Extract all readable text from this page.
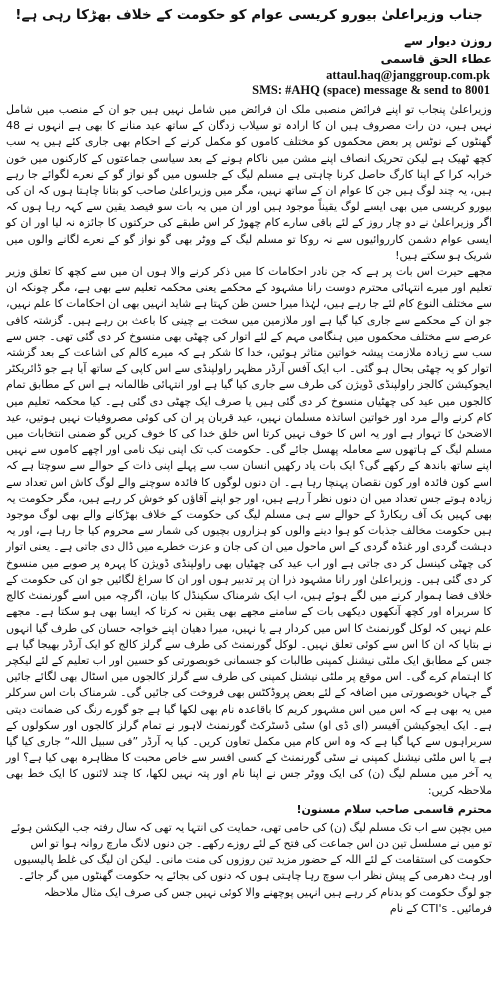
جناب وزیراعلیٰ بیورو کریسی عوام کو حکومت کے خلاف بھڑکا رہی ہے!
روزن دیوار سے
عطاء الحق قاسمی
attaul.haq@janggroup.com.pk
SMS: #AHQ (space) message & send to 8001

وزیراعلیٰ پنجاب تو اپنے فرائض منصبی ملک ان فرائض میں شامل نہیں ہیں جو ان کے منصب میں شامل نہیں ہیں، دن رات مصروف ہیں ان کا ارادہ تو سیلاب زدگان کے ساتھ عید منانے کا بھی ہے انہوں نے 48 گھنٹوں کے نوٹس پر بعض محکموں کو مختلف کاموں کو مکمل کرنے کے احکام بھی جاری کئے ہیں یہ سب کچھ ٹھیک ہے لیکن تحریک انصاف اپنے مشن میں ناکام ہونے کے بعد سیاسی جماعتوں کے کارکنوں میں خون خرابہ کرا کے اپنا کارگ حاصل کرنا چاہتی ہے مسلم لیگ کے جلسوں میں گو نواز گو کے نعرے لگوائے جا رہے ہیں، یہ چند لوگ ہیں جن کا عوام ان کے ساتھ نہیں، مگر میں وزیراعلیٰ صاحب کو بتانا چاہتا ہوں کہ ان کی بیورو کریسی میں بھی ایسے لوگ یقیناً موجود ہیں اور ان میں یہ بات سو فیصد یقین سے کہہ رہا ہوں کہ اگر وزیراعلیٰ نے دو چار روز کے لئے باقی سارے کام چھوڑ کر اس طبقے کی حرکتوں کا جائزہ نہ لیا اور ان کو ایسی عوام دشمن کارروائیوں سے نہ روکا تو مسلم لیگ کے ووٹر بھی گو نواز گو کے نعرے لگانے والوں میں شریک ہو سکتے ہیں!

مجھے حیرت اس بات پر ہے کہ جن نادر احکامات کا میں ذکر کرنے والا ہوں ان میں سے کچھ کا تعلق وزیر تعلیم اور میرے انتہائی محترم دوست رانا مشہود کے محکمے یعنی محکمہ تعلیم سے بھی ہے، مگر چونکہ ان سے مختلف النوع کام لئے جا رہے ہیں، لہٰذا میرا حسن ظن کہتا ہے شاید انہیں بھی ان احکامات کا علم نہیں، جو ان کے محکمے سے جاری کیا گیا ہے اور ملازمین میں سخت بے چینی کا باعث بن رہے ہیں۔ گزشتہ کافی عرصے سے مختلف محکموں میں ہنگامی مہم کے لئے اتوار کی چھٹی بھی منسوخ کر دی گئی تھی۔ جس سے سب سے زیادہ ملازمت پیشہ خواتین متاثر ہوئیں، خدا کا شکر ہے کہ میرے کالم کی اشاعت کے بعد گزشتہ اتوار کو یہ چھٹی بحال ہو گئی۔ اب ایک آفس آرڈر مظہر راولپنڈی سے اس کاپی کے ساتھ آیا ہے جو ڈائریکٹر ایجوکیشن کالجز راولپنڈی ڈویژن کی طرف سے جاری کیا گیا ہے اور انتہائی ظالمانہ ہے اس کے مطابق تمام کالجوں میں عید کی چھٹیاں منسوخ کر دی گئی ہیں یا صرف ایک چھٹی دی گئی ہے۔ کیا محکمہ تعلیم میں کام کرنے والے مرد اور خواتین اساتذہ مسلمان نہیں، عید قربان پر ان کی کوئی مصروفیات نہیں ہوتیں، عید الاضحیٰ کا تہوار ہے اور یہ اس کا خوف نہیں کرتا اس خلق خدا کی کا خوف کریں گو ضمنی انتخابات میں مسلم لیگ کے ہاتھوں سے معاملہ پھسل جائے گی۔ حکومت کب تک اپنی نیک نامی اور اچھے کاموں سے نہیں اپنے ساتھ باندھ کے رکھے گی؟ ایک بات یاد رکھیں انسان سب سے پہلے اپنی ذات کے حوالے سے سوچتا ہے کہ اسے کون فائدہ اور کون نقصان پہنچا رہا ہے۔ ان دنوں لوگوں کا فائدہ سوچنے والے لوگ کاش اس تعداد سے زیادہ ہوتے جس تعداد میں ان دنوں نظر آ رہے ہیں، اور جو اپنے آقاؤں کو خوش کر رہے ہیں، مگر حکومت یہ بھی کہیں بک آف ریکارڈ کے حوالے سے ہی مسلم لیگ کی حکومت کے خلاف بھڑکانے والے بھی لوگ موجود ہیں حکومت مخالف جذبات کو ہوا دینے والوں کو ہزاروں بچیوں کی شمار سے محروم کیا جا رہا ہے، اور یہ دہشت گردی اور غنڈہ گردی کے اس ماحول میں ان کی جان و عزت خطرے میں ڈال دی جاتی ہے۔ یعنی اتوار کی چھٹی کینسل کر دی جاتی ہے اور اب عید کی چھٹیاں بھی راولپنڈی ڈویژن کا پہرہ پر صوبے میں منسوخ کر دی گئی ہیں۔ وزیراعلیٰ اور رانا مشہود ذرا ان پر تدبیر ہوں اور ان کا سراغ لگائیں جو ان کی حکومت کے خلاف فضا ہموار کرنے میں لگے ہوئے ہیں، اب ایک شرمناک سکینڈل کا بیان، اگرچہ میں اسے گورنمنٹ کالج کا سربراہ اور کچھ آنکھوں دیکھی بات کے سامنے مجھے بھی یقین نہ کرتا کہ ایسا بھی ہو سکتا ہے۔ مجھے علم نہیں کہ لوکل گورنمنٹ کا اس میں کردار ہے یا نہیں، میرا دھیان اپنے خواجہ حسان کی طرف گیا انہوں نے بتایا کہ ان کا اس سے کوئی تعلق نہیں۔ لوکل گورنمنٹ کی طرف سے گرلز کالج کو ایک آرڈر بھیجا گیا ہے جس کے مطابق ایک ملٹی نیشنل کمپنی طالبات کو جسمانی خوبصورتی کو حسین اور اب تعلیم کے لئے لیکچر کا اہتمام کرے گی۔ اس موقع پر ملٹی نیشنل کمپنی کی طرف سے گرلز کالجوں میں اسٹال بھی لگائے جائیں گے جہاں خوبصورتی میں اضافہ کے لئے بعض پروڈکٹس بھی فروخت کی جائیں گی۔ شرمناک بات اس سرکلر میں یہ بھی ہے کہ اس میں اس مشہور کریم کا باقاعدہ نام بھی لکھا گیا ہے جو گورے رنگ کی ضمانت دیتی ہے۔ ایک ایجوکیشن آفیسر (ای ڈی او) سٹی ڈسٹرکٹ گورنمنٹ لاہور نے تمام گرلز کالجوں اور سکولوں کے سربراہوں سے کہا گیا ہے کہ وہ اس کام میں مکمل تعاون کریں۔ کیا یہ آرڈر ”فی سبیل اللہ“ جاری کیا گیا ہے یا اس ملٹی نیشنل کمپنی نے سٹی گورنمنٹ کے کسی افسر سے خاص محبت کا مظاہرہ بھی کیا ہے؟ اور یہ آخر میں مسلم لیگ (ن) کی ایک ووٹر جس نے اپنا نام اور پتہ نہیں لکھا، کا چند لائنوں کا ایک خط بھی ملاحظہ کریں:

محترم قاسمی صاحب سلام مسنون!

میں بچپن سے اب تک مسلم لیگ (ن) کی حامی تھی، حمایت کی انتہا یہ تھی کہ سال رفتہ جب الیکشن ہوئے تو میں نے مسلسل تین دن اس جماعت کی فتح کے لئے روزے رکھے۔ جن دنوں لانگ مارچ روانہ ہوا تو اس حکومت کی استقامت کے لئے اللہ کے حضور مزید تین روزوں کی منت مانی۔ لیکن ان لیگ کی غلط پالیسیوں اور ہٹ دھرمی کے پیش نظر اب سوچ رہا چاہتی ہوں کہ دنوں کی بجائے یہ حکومت گھنٹوں میں گر جائے۔ جو لوگ حکومت کو بدنام کر رہے ہیں انہیں پوچھنے والا کوئی نہیں جس کی صرف ایک مثال ملاحظہ فرمائیں۔ CTI's کے نام
